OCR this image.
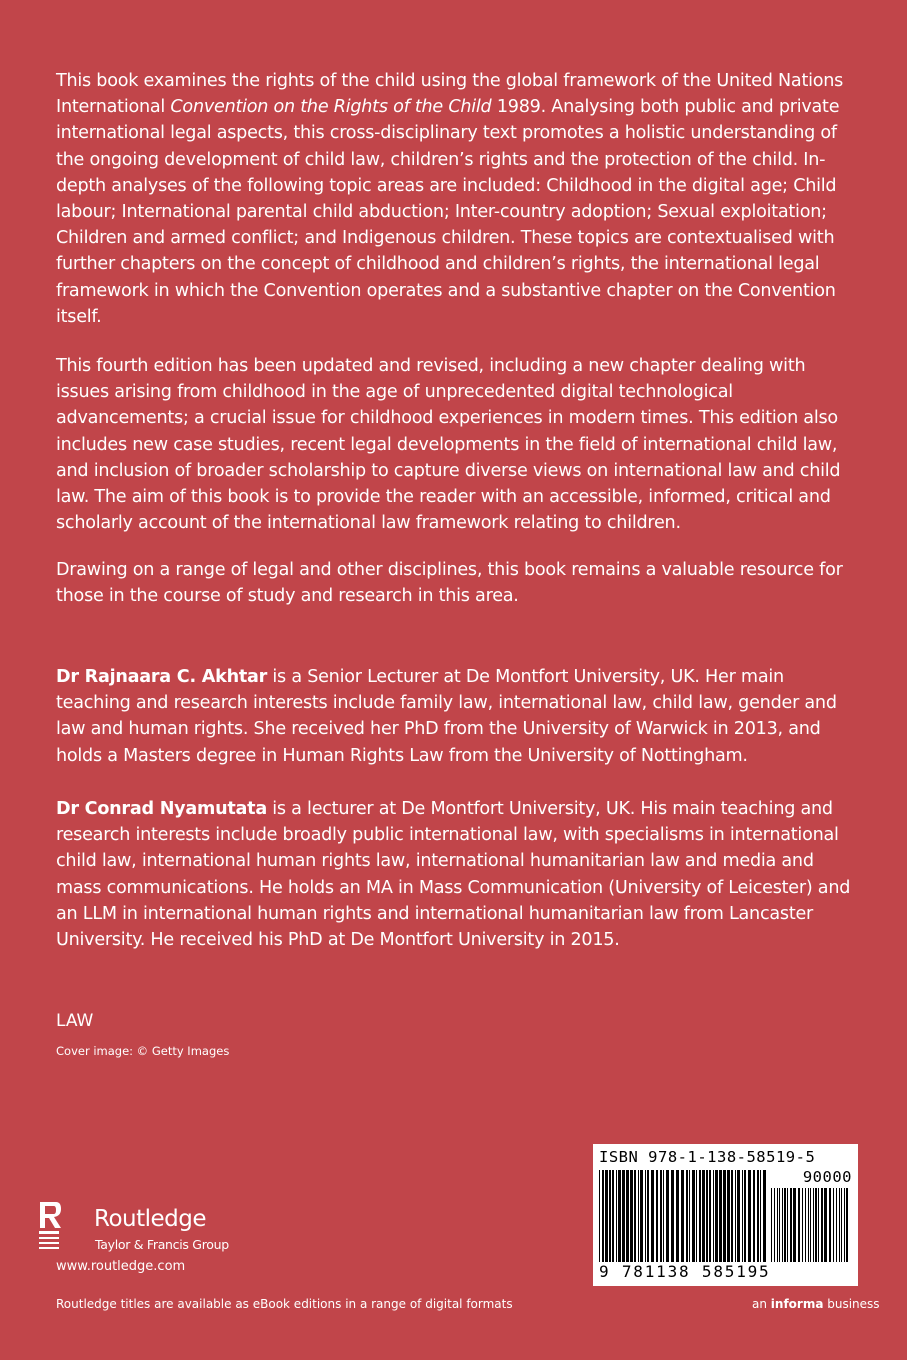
This book examines the rights of the child using the global framework of the United Nations International Convention on the Rights of the Child 1989. Analysing both public and private international legal aspects, this cross-disciplinary text promotes a holistic understanding of the ongoing development of child law, children’s rights and the protection of the child. In-depth analyses of the following topic areas are included: Childhood in the digital age; Child labour; International parental child abduction; Inter-country adoption; Sexual exploitation; Children and armed conflict; and Indigenous children. These topics are contextualised with further chapters on the concept of childhood and children’s rights, the international legal framework in which the Convention operates and a substantive chapter on the Convention itself.

This fourth edition has been updated and revised, including a new chapter dealing with issues arising from childhood in the age of unprecedented digital technological advancements; a crucial issue for childhood experiences in modern times. This edition also includes new case studies, recent legal developments in the field of international child law, and inclusion of broader scholarship to capture diverse views on international law and child law. The aim of this book is to provide the reader with an accessible, informed, critical and scholarly account of the international law framework relating to children.

Drawing on a range of legal and other disciplines, this book remains a valuable resource for those in the course of study and research in this area.

Dr Rajnaara C. Akhtar is a Senior Lecturer at De Montfort University, UK. Her main teaching and research interests include family law, international law, child law, gender and law and human rights. She received her PhD from the University of Warwick in 2013, and holds a Masters degree in Human Rights Law from the University of Nottingham.

Dr Conrad Nyamutata is a lecturer at De Montfort University, UK. His main teaching and research interests include broadly public international law, with specialisms in international child law, international human rights law, international humanitarian law and media and mass communications. He holds an MA in Mass Communication (University of Leicester) and an LLM in international human rights and international humanitarian law from Lancaster University. He received his PhD at De Montfort University in 2015.

LAW
Cover image: © Getty Images
Routledge
Taylor & Francis Group
www.routledge.com
ISBN 978-1-138-58519-5
90000
9 781138 585195
Routledge titles are available as eBook editions in a range of digital formats	an informa business
